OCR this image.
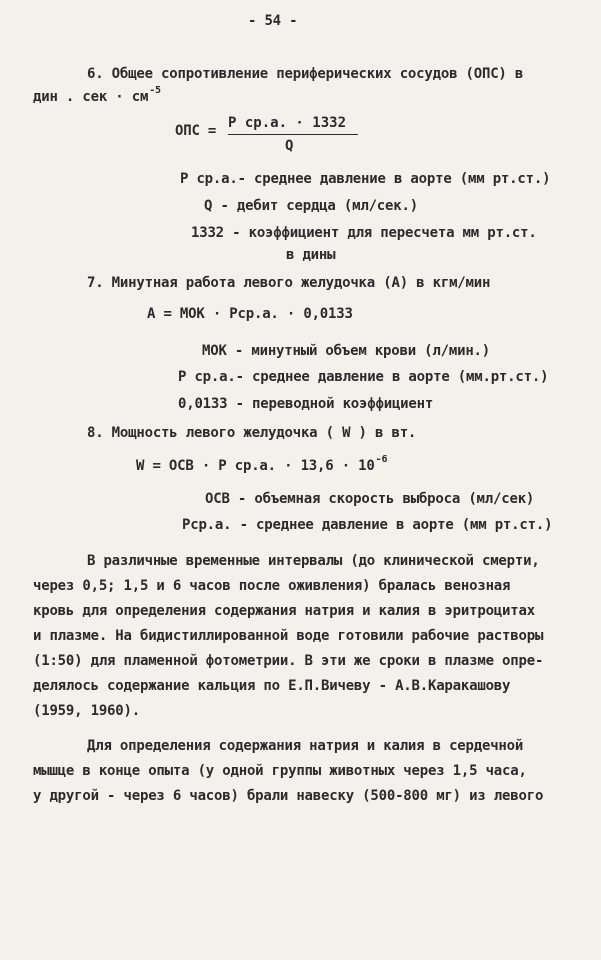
- 54 -
6. Общее сопротивление периферических сосудов (ОПС) в
дин . сек · $см^{-5}$
ОПС = P ср.а. · 1332
Q
P ср.а.- среднее давление в аорте (мм рт.ст.)
Q - дебит сердца (мл/сек.)
1332 - коэффициент для пересчета мм рт.ст.
в дины
7. Минутная работа левого желудочка (А) в кгм/мин
А = МОК · Рср.а. · 0,0133
МОК - минутный объем крови (л/мин.)
Р ср.а.- среднее давление в аорте (мм.рт.ст.)
0,0133 - переводной коэффициент
8. Мощность левого желудочка ( W ) в вт.
W = ОСВ · Р ср.а. · $13,6 \cdot 10^{-6}$
ОСВ - объемная скорость выброса (мл/сек)
Рср.а. - среднее давление в аорте (мм рт.ст.)
В различные временные интервалы (до клинической смерти,
через 0,5; 1,5 и 6 часов после оживления) бралась венозная
кровь для определения содержания натрия и калия в эритроцитах
и плазме. На бидистиллированной воде готовили рабочие растворы
(1:50) для пламенной фотометрии. В эти же сроки в плазме опре-
делялось содержание кальция по Е.П.Вичеву - А.В.Каракашову
(1959, 1960).
Для определения содержания натрия и калия в сердечной
мышце в конце опыта (у одной группы животных через 1,5 часа,
у другой - через 6 часов) брали навеску (500-800 мг) из левого
